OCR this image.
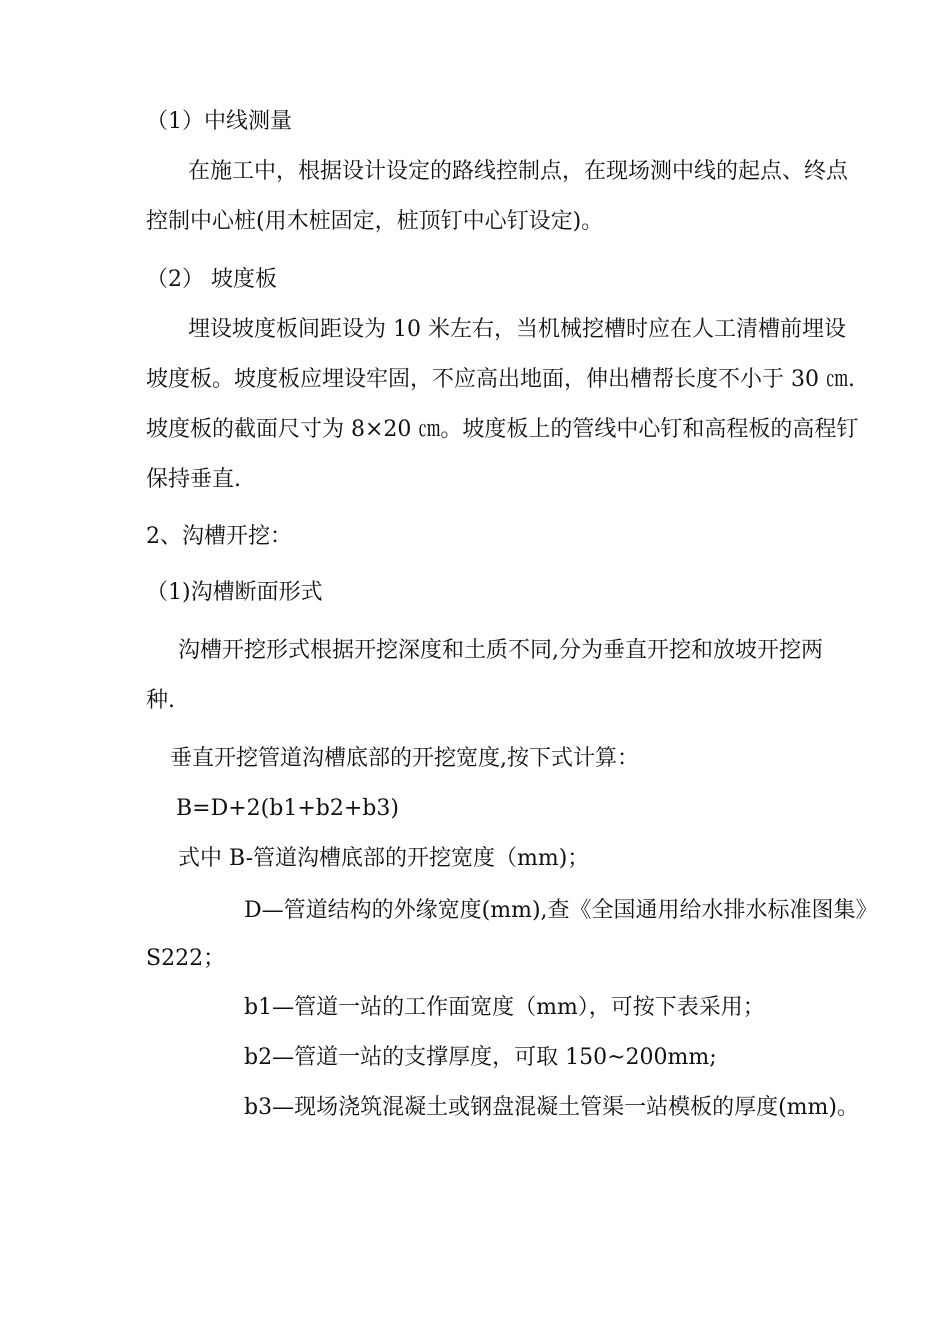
（1）中线测量
在施工中，根据设计设定的路线控制点，在现场测中线的起点、终点
控制中心桩(用木桩固定，桩顶钉中心钉设定)。
（2） 坡度板
埋设坡度板间距设为 10 米左右，当机械挖槽时应在人工清槽前埋设
坡度板。坡度板应埋设牢固，不应高出地面，伸出槽帮长度不小于 30 ㎝.
坡度板的截面尺寸为 8×20 ㎝。坡度板上的管线中心钉和高程板的高程钉
保持垂直.
2、沟槽开挖：
（1)沟槽断面形式
沟槽开挖形式根据开挖深度和土质不同,分为垂直开挖和放坡开挖两
种.
垂直开挖管道沟槽底部的开挖宽度,按下式计算：
B=D+2(b1+b2+b3)
式中 B-管道沟槽底部的开挖宽度（mm)；
D—管道结构的外缘宽度(mm),查《全国通用给水排水标准图集》
S222；
b1—管道一站的工作面宽度（mm），可按下表采用；
b2—管道一站的支撑厚度，可取 150~200mm;
b3—现场浇筑混凝土或钢盘混凝土管渠一站模板的厚度(mm)。
